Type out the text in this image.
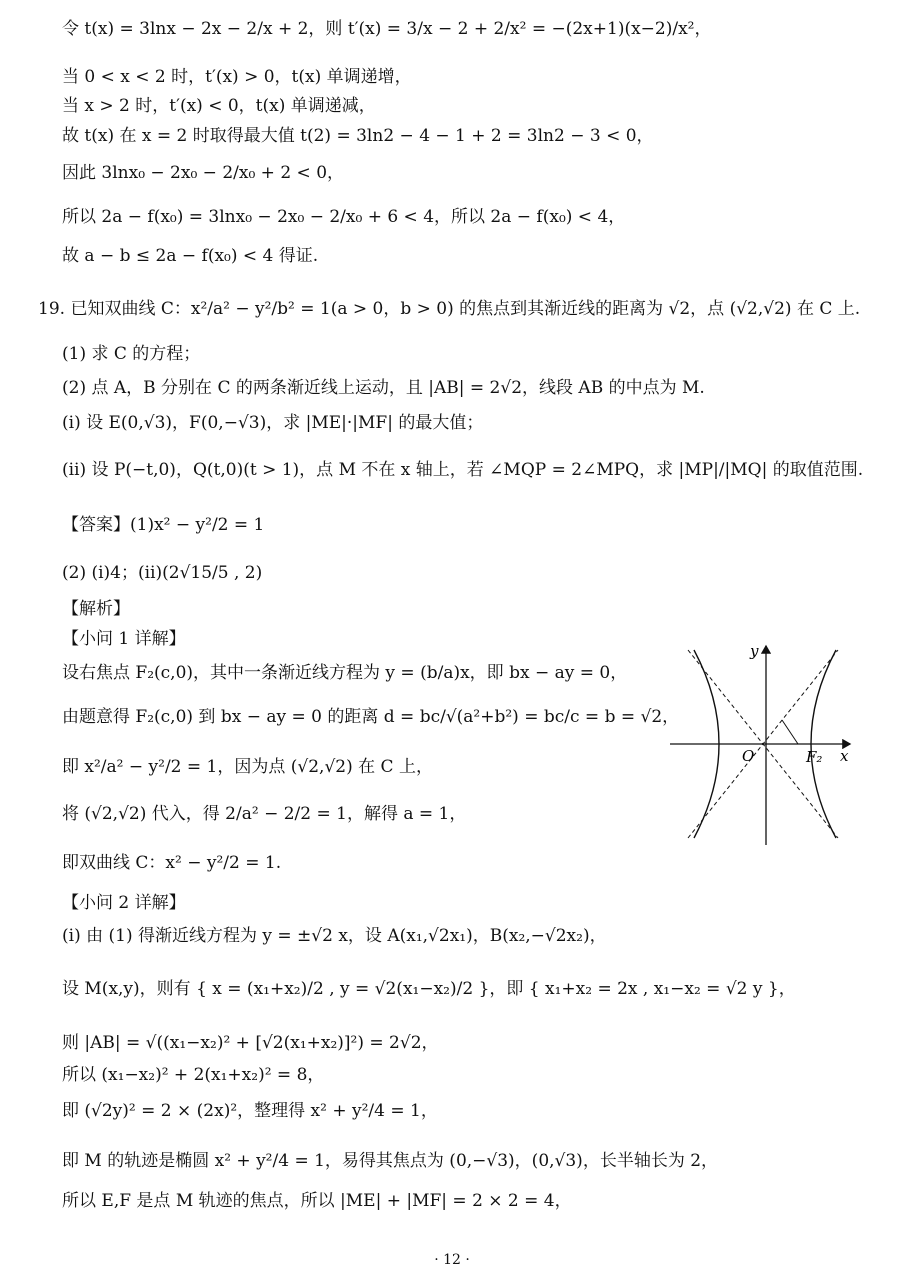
令 t(x) = 3lnx − 2x − 2/x + 2，则 t′(x) = 3/x − 2 + 2/x² = −(2x+1)(x−2)/x²，
当 0 < x < 2 时，t′(x) > 0，t(x) 单调递增，
当 x > 2 时，t′(x) < 0，t(x) 单调递减，
故 t(x) 在 x = 2 时取得最大值 t(2) = 3ln2 − 4 − 1 + 2 = 3ln2 − 3 < 0，
因此 3lnx₀ − 2x₀ − 2/x₀ + 2 < 0，
所以 2a − f(x₀) = 3lnx₀ − 2x₀ − 2/x₀ + 6 < 4，所以 2a − f(x₀) < 4，
故 a − b ≤ 2a − f(x₀) < 4 得证.
19. 已知双曲线 C：x²/a² − y²/b² = 1(a > 0，b > 0) 的焦点到其渐近线的距离为 √2，点 (√2,√2) 在 C 上.
(1) 求 C 的方程；
(2) 点 A，B 分别在 C 的两条渐近线上运动，且 |AB| = 2√2，线段 AB 的中点为 M.
(ⅰ) 设 E(0,√3)，F(0,−√3)，求 |ME|·|MF| 的最大值；
(ⅱ) 设 P(−t,0)，Q(t,0)(t > 1)，点 M 不在 x 轴上，若 ∠MQP = 2∠MPQ，求 |MP|/|MQ| 的取值范围.
【答案】(1)x² − y²/2 = 1
(2) (ⅰ)4；(ⅱ)(2√15/5 , 2)
【解析】
【小问 1 详解】
设右焦点 F₂(c,0)，其中一条渐近线方程为 y = (b/a)x，即 bx − ay = 0，
由题意得 F₂(c,0) 到 bx − ay = 0 的距离 d = bc/√(a²+b²) = bc/c = b = √2，
即 x²/a² − y²/2 = 1，因为点 (√2,√2) 在 C 上，
将 (√2,√2) 代入，得 2/a² − 2/2 = 1，解得 a = 1，
即双曲线 C：x² − y²/2 = 1.
【小问 2 详解】
(i) 由 (1) 得渐近线方程为 y = ±√2 x，设 A(x₁,√2x₁)，B(x₂,−√2x₂)，
设 M(x,y)，则有 { x = (x₁+x₂)/2 , y = √2(x₁−x₂)/2 }，即 { x₁+x₂ = 2x , x₁−x₂ = √2 y }，
则 |AB| = √((x₁−x₂)² + [√2(x₁+x₂)]²) = 2√2，
所以 (x₁−x₂)² + 2(x₁+x₂)² = 8，
即 (√2y)² = 2 × (2x)²，整理得 x² + y²/4 = 1，
即 M 的轨迹是椭圆 x² + y²/4 = 1，易得其焦点为 (0,−√3)，(0,√3)，长半轴长为 2，
所以 E,F 是点 M 轨迹的焦点，所以 |ME| + |MF| = 2 × 2 = 4，
y
x
O	F₂
· 12 ·
